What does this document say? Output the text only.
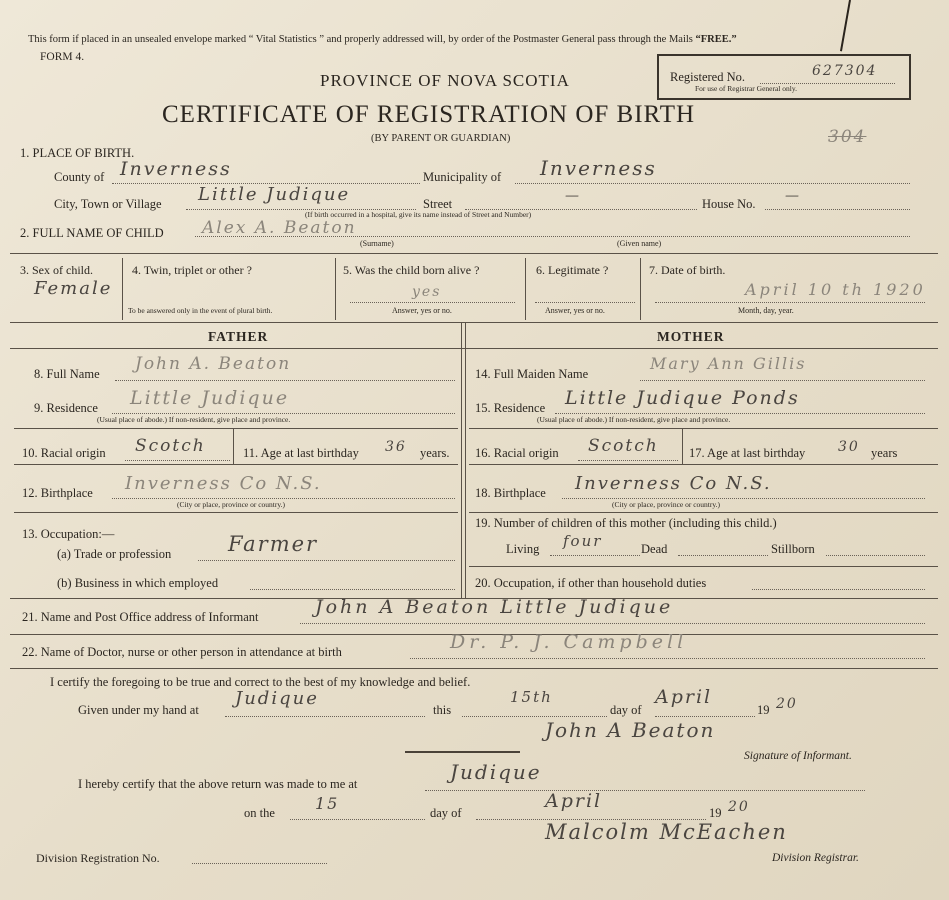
This form if placed in an unsealed envelope marked “ Vital Statistics ” and properly addressed will, by order of the Postmaster General pass through the Mails “FREE.”
FORM 4.
PROVINCE OF NOVA SCOTIA
CERTIFICATE OF REGISTRATION OF BIRTH
(BY PARENT OR GUARDIAN)
Registered No.	627304
For use of Registrar General only.
304
1. PLACE OF BIRTH.
County of Inverness	Municipality of Inverness
City, Town or Village Little Judique	Street	—	House No. —
(If birth occurred in a hospital, give its name instead of Street and Number)
2. FULL NAME OF CHILD Alex A. Beaton
(Surname)	(Given name)
3. Sex of child.
Female
4. Twin, triplet or other ?
To be answered only in the event of plural birth.
5. Was the child born alive ?
yes
Answer, yes or no.
6. Legitimate ?
Answer, yes or no.
7. Date of birth.
April 10 th 1920
Month, day, year.
FATHER	MOTHER
8. Full Name John A. Beaton
9. Residence Little Judique
(Usual place of abode.) If non-resident, give place and province.
10. Racial origin Scotch	11. Age at last birthday 36 years.
12. Birthplace Inverness Co N.S.
(City or place, province or country.)
13. Occupation:—
(a) Trade or profession	Farmer
(b) Business in which employed
14. Full Maiden Name
Mary Ann Gillis
15. Residence Little Judique Ponds
(Usual place of abode.) If non-resident, give place and province.
16. Racial origin Scotch 17. Age at last birthday 30 years
18. Birthplace Inverness Co N.S.
(City or place, province or country.)
19. Number of children of this mother (including this child.)
Living four	Dead	Stillborn
20. Occupation, if other than household duties
21. Name and Post Office address of Informant	John A Beaton Little Judique
22. Name of Doctor, nurse or other person in attendance at birth	Dr. P. J. Campbell
I certify the foregoing to be true and correct to the best of my knowledge and belief.
Given under my hand at
Judique
this
15th
day of
April
19 20
John A Beaton
Signature of Informant.
I hereby certify that the above return was made to me at	Judique
on the	15	day of
April
19 20
Malcolm McEachen
Division Registration No.	Division Registrar.
